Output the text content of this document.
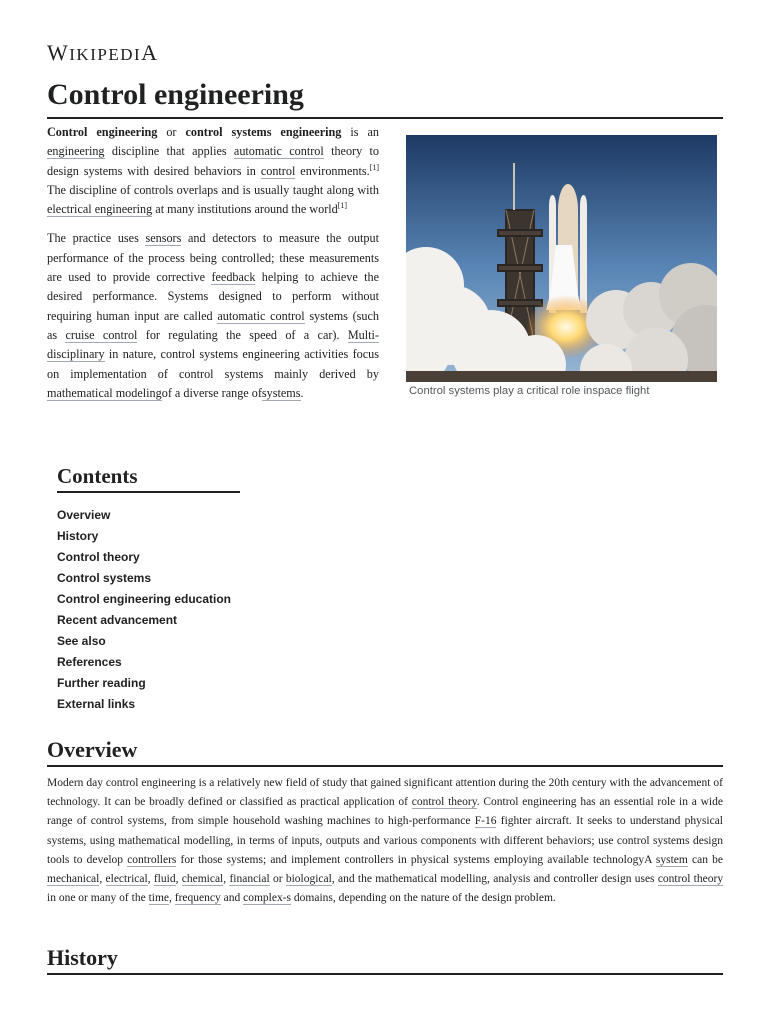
WIKIPEDIA
Control engineering

Control engineering or control systems engineering is an engineering discipline that applies automatic control theory to design systems with desired behaviors in control environments.[1] The discipline of controls overlaps and is usually taught along with electrical engineering at many institutions around the world[1]

The practice uses sensors and detectors to measure the output performance of the process being controlled; these measurements are used to provide corrective feedback helping to achieve the desired performance. Systems designed to perform without requiring human input are called automatic control systems (such as cruise control for regulating the speed of a car). Multi-disciplinary in nature, control systems engineering activities focus on implementation of control systems mainly derived by mathematical modelingof a diverse range ofsystems.	Control systems play a critical role inspace flight
Contents
Overview
History
Control theory
Control systems
Control engineering education
Recent advancement
See also
References
Further reading
External links
Overview

Modern day control engineering is a relatively new field of study that gained significant attention during the 20th century with the advancement of technology. It can be broadly defined or classified as practical application of control theory. Control engineering has an essential role in a wide range of control systems, from simple household washing machines to high-performance F-16 fighter aircraft. It seeks to understand physical systems, using mathematical modelling, in terms of inputs, outputs and various components with different behaviors; use control systems design tools to develop controllers for those systems; and implement controllers in physical systems employing available technologyA system can be mechanical, electrical, fluid, chemical, financial or biological, and the mathematical modelling, analysis and controller design uses control theory in one or many of the time, frequency and complex-s domains, depending on the nature of the design problem.

History
